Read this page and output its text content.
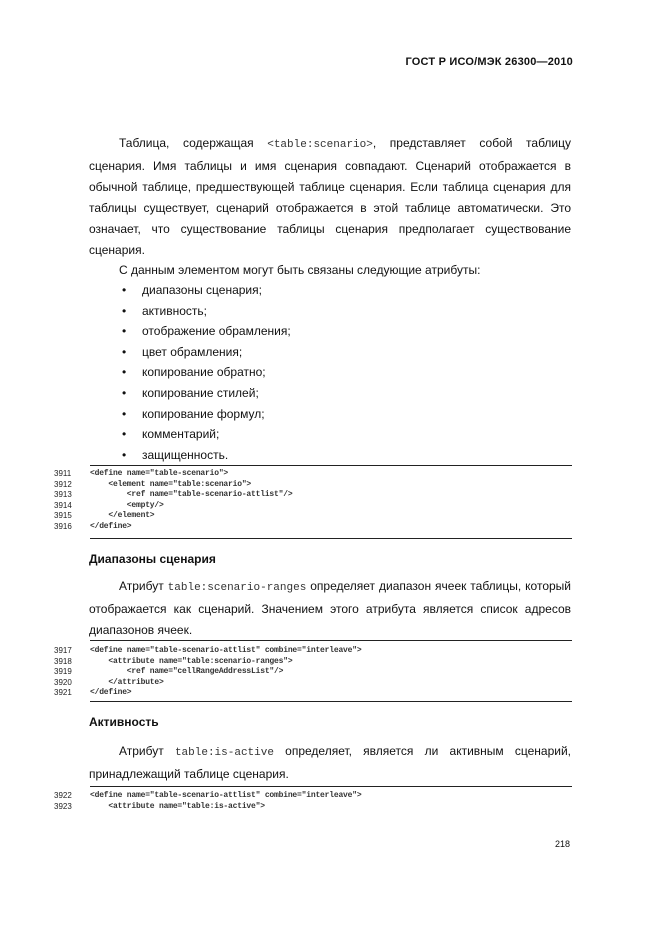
ГОСТ Р ИСО/МЭК 26300—2010

Таблица, содержащая <table:scenario>, представляет собой таблицу сценария. Имя таблицы и имя сценария совпадают. Сценарий отображается в обычной таблице, предшествующей таблице сценария. Если таблица сценария для таблицы существует, сценарий отображается в этой таблице автоматически. Это означает, что существование таблицы сценария предполагает существование сценария.

С данным элементом могут быть связаны следующие атрибуты:
• диапазоны сценария;
• активность;
• отображение обрамления;
• цвет обрамления;
• копирование обратно;
• копирование стилей;
• копирование формул;
• комментарий;
• защищенность.
3911	<define name="table-scenario">
3912	<element name="table:scenario">
3913	<ref name="table-scenario-attlist"/>
3914	<empty/>
3915	</element>
3916	</define>
Диапазоны сценария

Атрибут table:scenario-ranges определяет диапазон ячеек таблицы, который отображается как сценарий. Значением этого атрибута является список адресов диапазонов ячеек.

3917	<define name="table-scenario-attlist" combine="interleave">
3918	<attribute name="table:scenario-ranges">
3919	<ref name="cellRangeAddressList"/>
3920	</attribute>
3921	</define>
Активность

Атрибут table:is-active определяет, является ли активным сценарий, принадлежащий таблице сценария.

3922	<define name="table-scenario-attlist" combine="interleave">
3923	<attribute name="table:is-active">
218
